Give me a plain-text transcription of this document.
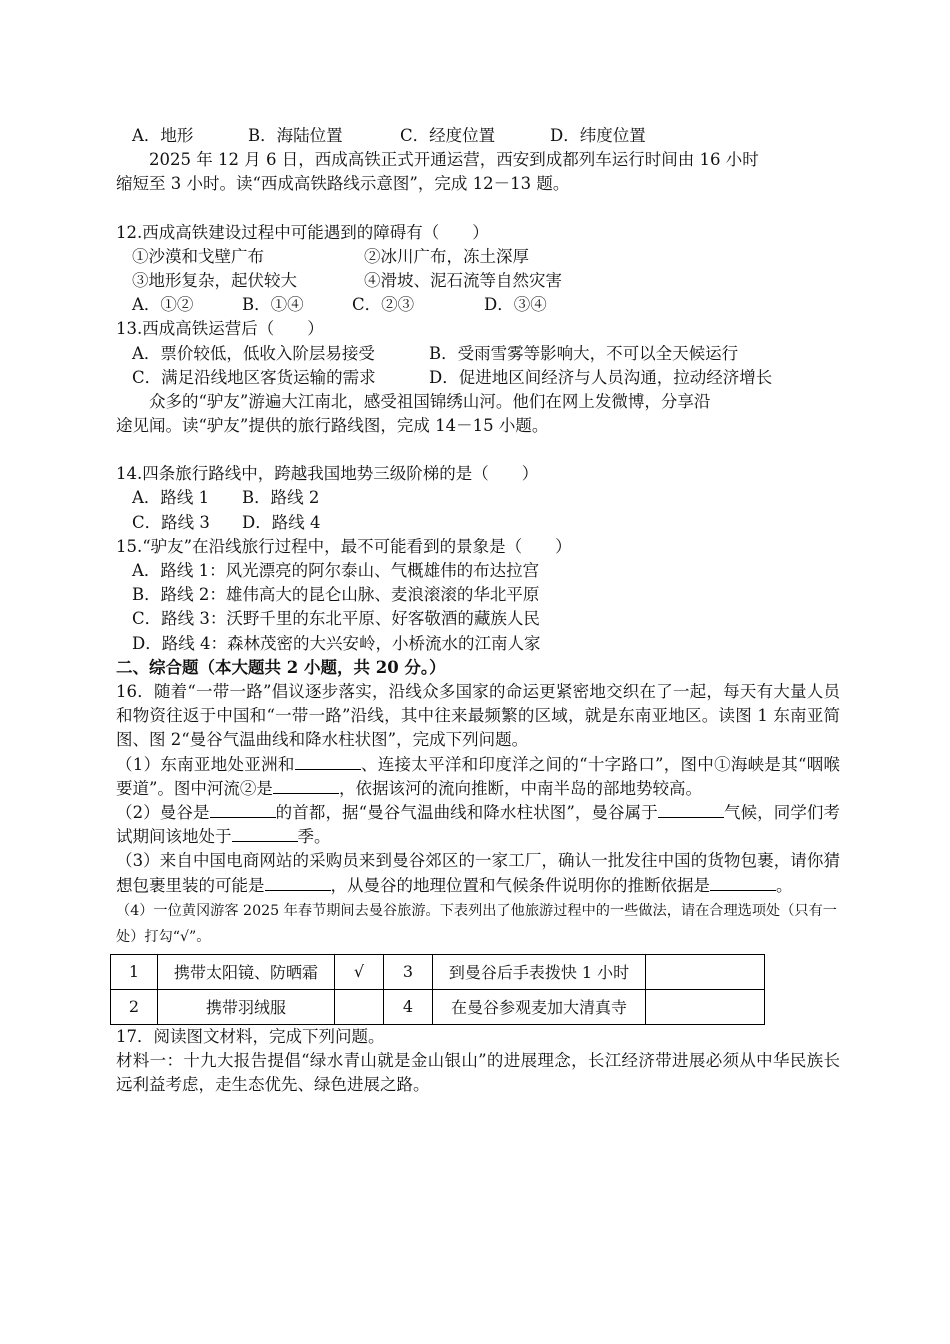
A．地形	B．海陆位置	C．经度位置	D．纬度位置
2025 年 12 月 6 日，西成高铁正式开通运营，西安到成都列车运行时间由 16 小时
缩短至 3 小时。读“西成高铁路线示意图”，完成 12－13 题。
12.西成高铁建设过程中可能遇到的障碍有（　　）
①沙漠和戈壁广布	②冰川广布，冻土深厚
③地形复杂，起伏较大	④滑坡、泥石流等自然灾害
A．①②	B．①④	C．②③	D．③④
13.西成高铁运营后（　　）
A．票价较低，低收入阶层易接受	B．受雨雪雾等影响大，不可以全天候运行
C．满足沿线地区客货运输的需求	D．促进地区间经济与人员沟通，拉动经济增长
众多的“驴友”游遍大江南北，感受祖国锦绣山河。他们在网上发微博，分享沿
途见闻。读“驴友”提供的旅行路线图，完成 14－15 小题。
14.四条旅行路线中，跨越我国地势三级阶梯的是（　　）
A．路线 1 B．路线 2
C．路线 3 D．路线 4
15.“驴友”在沿线旅行过程中，最不可能看到的景象是（　　）
A．路线 1：风光漂亮的阿尔泰山、气概雄伟的布达拉宫
B．路线 2：雄伟高大的昆仑山脉、麦浪滚滚的华北平原
C．路线 3：沃野千里的东北平原、好客敬酒的藏族人民
D．路线 4：森林茂密的大兴安岭，小桥流水的江南人家
二、综合题（本大题共 2 小题，共 20 分。）
16．随着“一带一路”倡议逐步落实，沿线众多国家的命运更紧密地交织在了一起，每天有大量人员和物资往返于中国和“一带一路”沿线，其中往来最频繁的区域，就是东南亚地区。读图 1 东南亚简图、图 2“曼谷气温曲线和降水柱状图”，完成下列问题。
（1）东南亚地处亚洲和	、连接太平洋和印度洋之间的“十字路口”，图中①海峡是其“咽喉要道”。图中河流②是	，依据该河的流向推断，中南半岛的部地势较高。
（2）曼谷是	的首都，据“曼谷气温曲线和降水柱状图”，曼谷属于	气候，同学们考试期间该地处于	季。
（3）来自中国电商网站的采购员来到曼谷郊区的一家工厂，确认一批发往中国的货物包裹，请你猜想包裹里装的可能是	，从曼谷的地理位置和气候条件说明你的推断依据是	。
（4）一位黄冈游客 2025 年春节期间去曼谷旅游。下表列出了他旅游过程中的一些做法，请在合理选项处（只有一处）打勾“√”。
1	携带太阳镜、防晒霜	√	3	到曼谷后手表拨快 1 小时	
2	携带羽绒服		4	在曼谷参观麦加大清真寺	
17．阅读图文材料，完成下列问题。
材料一：十九大报告提倡“绿水青山就是金山银山”的进展理念，长江经济带进展必须从中华民族长远利益考虑，走生态优先、绿色进展之路。
